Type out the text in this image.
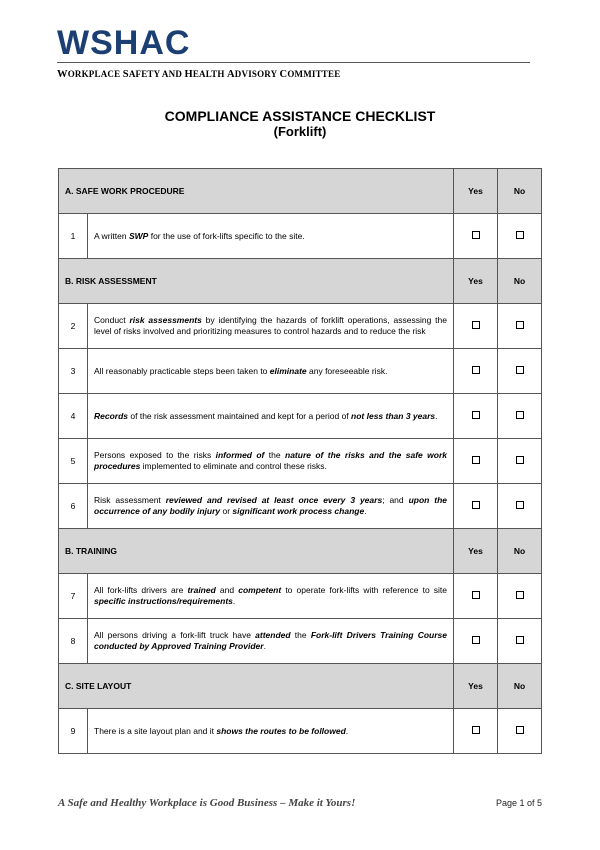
WSHAC
WORKPLACE SAFETY AND HEALTH ADVISORY COMMITTEE
COMPLIANCE ASSISTANCE CHECKLIST
(Forklift)
A. SAFE WORK PROCEDURE		Yes	No
1	A written SWP for the use of fork-lifts specific to the site.		
B. RISK ASSESSMENT		Yes	No
2	Conduct risk assessments by identifying the hazards of forklift operations, assessing the level of risks involved and prioritizing measures to control hazards and to reduce the risk		
3	All reasonably practicable steps been taken to eliminate any foreseeable risk.		
4	Records of the risk assessment maintained and kept for a period of not less than 3 years.		
5	Persons exposed to the risks informed of the nature of the risks and the safe work procedures implemented to eliminate and control these risks.		
6	Risk assessment reviewed and revised at least once every 3 years; and upon the occurrence of any bodily injury or significant work process change.		
B. TRAINING		Yes	No
7	All fork-lifts drivers are trained and competent to operate fork-lifts with reference to site specific instructions/requirements.		
8	All persons driving a fork-lift truck have attended the Fork-lift Drivers Training Course conducted by Approved Training Provider.		
C. SITE LAYOUT		Yes	No
9	There is a site layout plan and it shows the routes to be followed.		
A Safe and Healthy Workplace is Good Business – Make it Yours!	Page 1 of 5
